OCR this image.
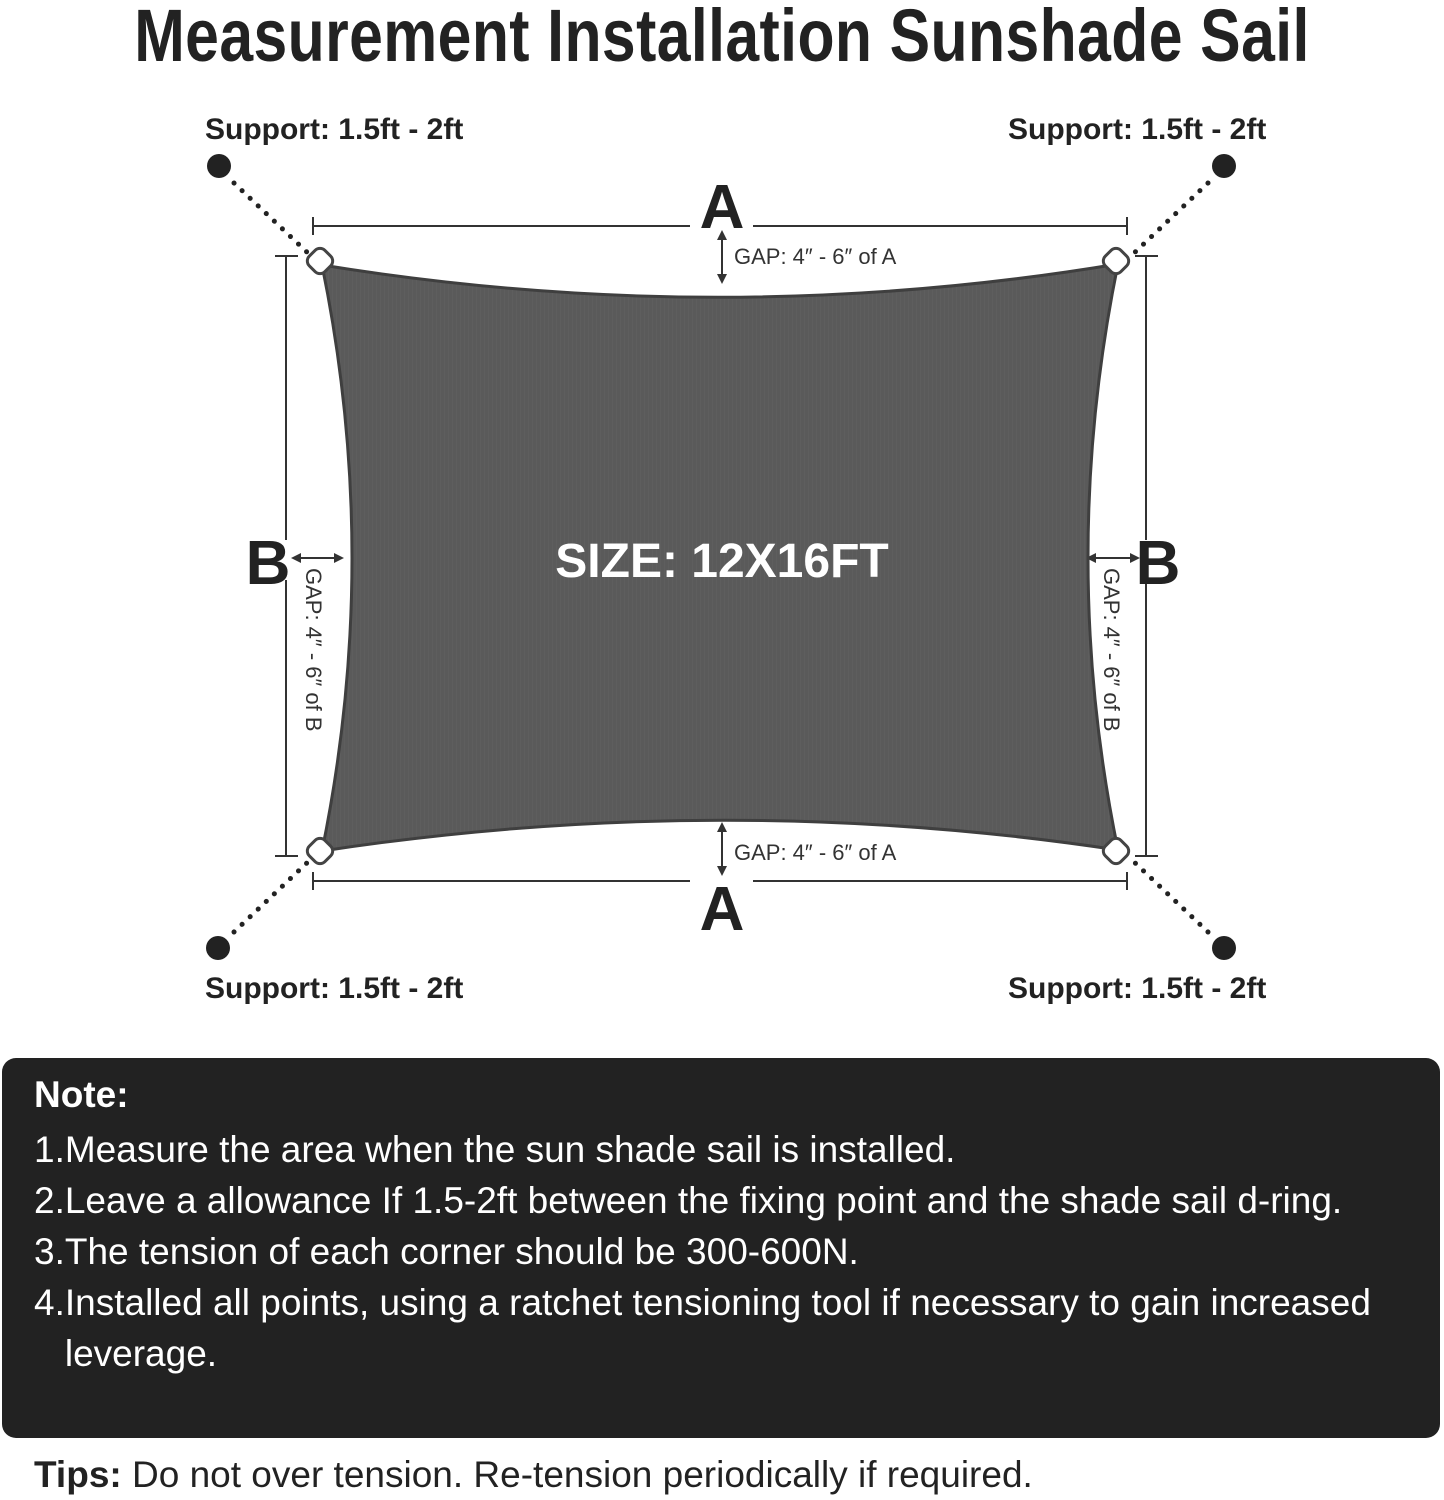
Measurement Installation Sunshade Sail
Support: 1.5ft - 2ft	Support: 1.5ft - 2ft
Support: 1.5ft - 2ft	Support: 1.5ft - 2ft
A
A
B	B
GAP: 4″ - 6″ of A
GAP: 4″ - 6″ of A
GAP: 4″ - 6″ of B	GAP: 4″ - 6″ of B
SIZE: 12X16FT
Note:
1. Measure the area when the sun shade sail is installed.
2. Leave a allowance If 1.5-2ft between the fixing point and the shade sail d-ring.
3. The tension of each corner should be 300-600N.
4. Installed all points, using a ratchet tensioning tool if necessary to gain increased leverage.
Tips: Do not over tension. Re-tension periodically if required.
